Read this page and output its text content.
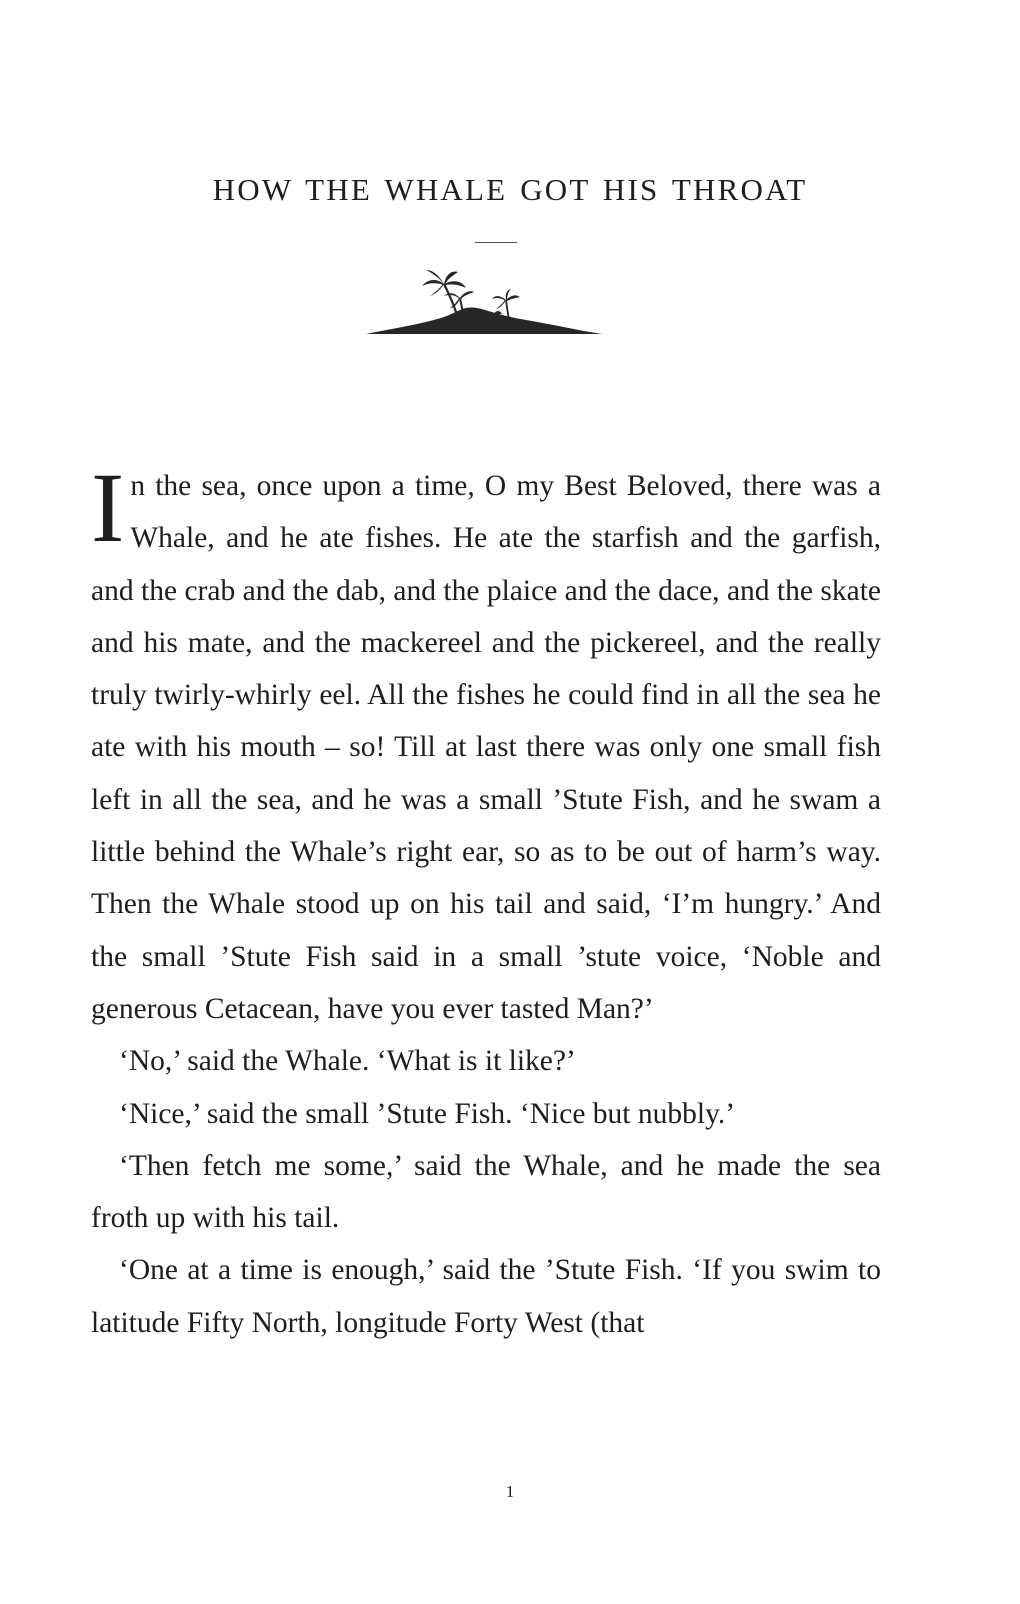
HOW THE WHALE GOT HIS THROAT

In the sea, once upon a time, O my Best Beloved, there was a Whale, and he ate fishes. He ate the starfish and the garfish, and the crab and the dab, and the plaice and the dace, and the skate and his mate, and the mackereel and the pickereel, and the really truly twirly-whirly eel. All the fishes he could find in all the sea he ate with his mouth – so! Till at last there was only one small fish left in all the sea, and he was a small ’Stute Fish, and he swam a little behind the Whale’s right ear, so as to be out of harm’s way. Then the Whale stood up on his tail and said, ‘I’m hungry.’ And the small ’Stute Fish said in a small ’stute voice, ‘Noble and generous Cetacean, have you ever tasted Man?’

‘No,’ said the Whale. ‘What is it like?’

‘Nice,’ said the small ’Stute Fish. ‘Nice but nubbly.’

‘Then fetch me some,’ said the Whale, and he made the sea froth up with his tail.

‘One at a time is enough,’ said the ’Stute Fish. ‘If you swim to latitude Fifty North, longitude Forty West (that

1
